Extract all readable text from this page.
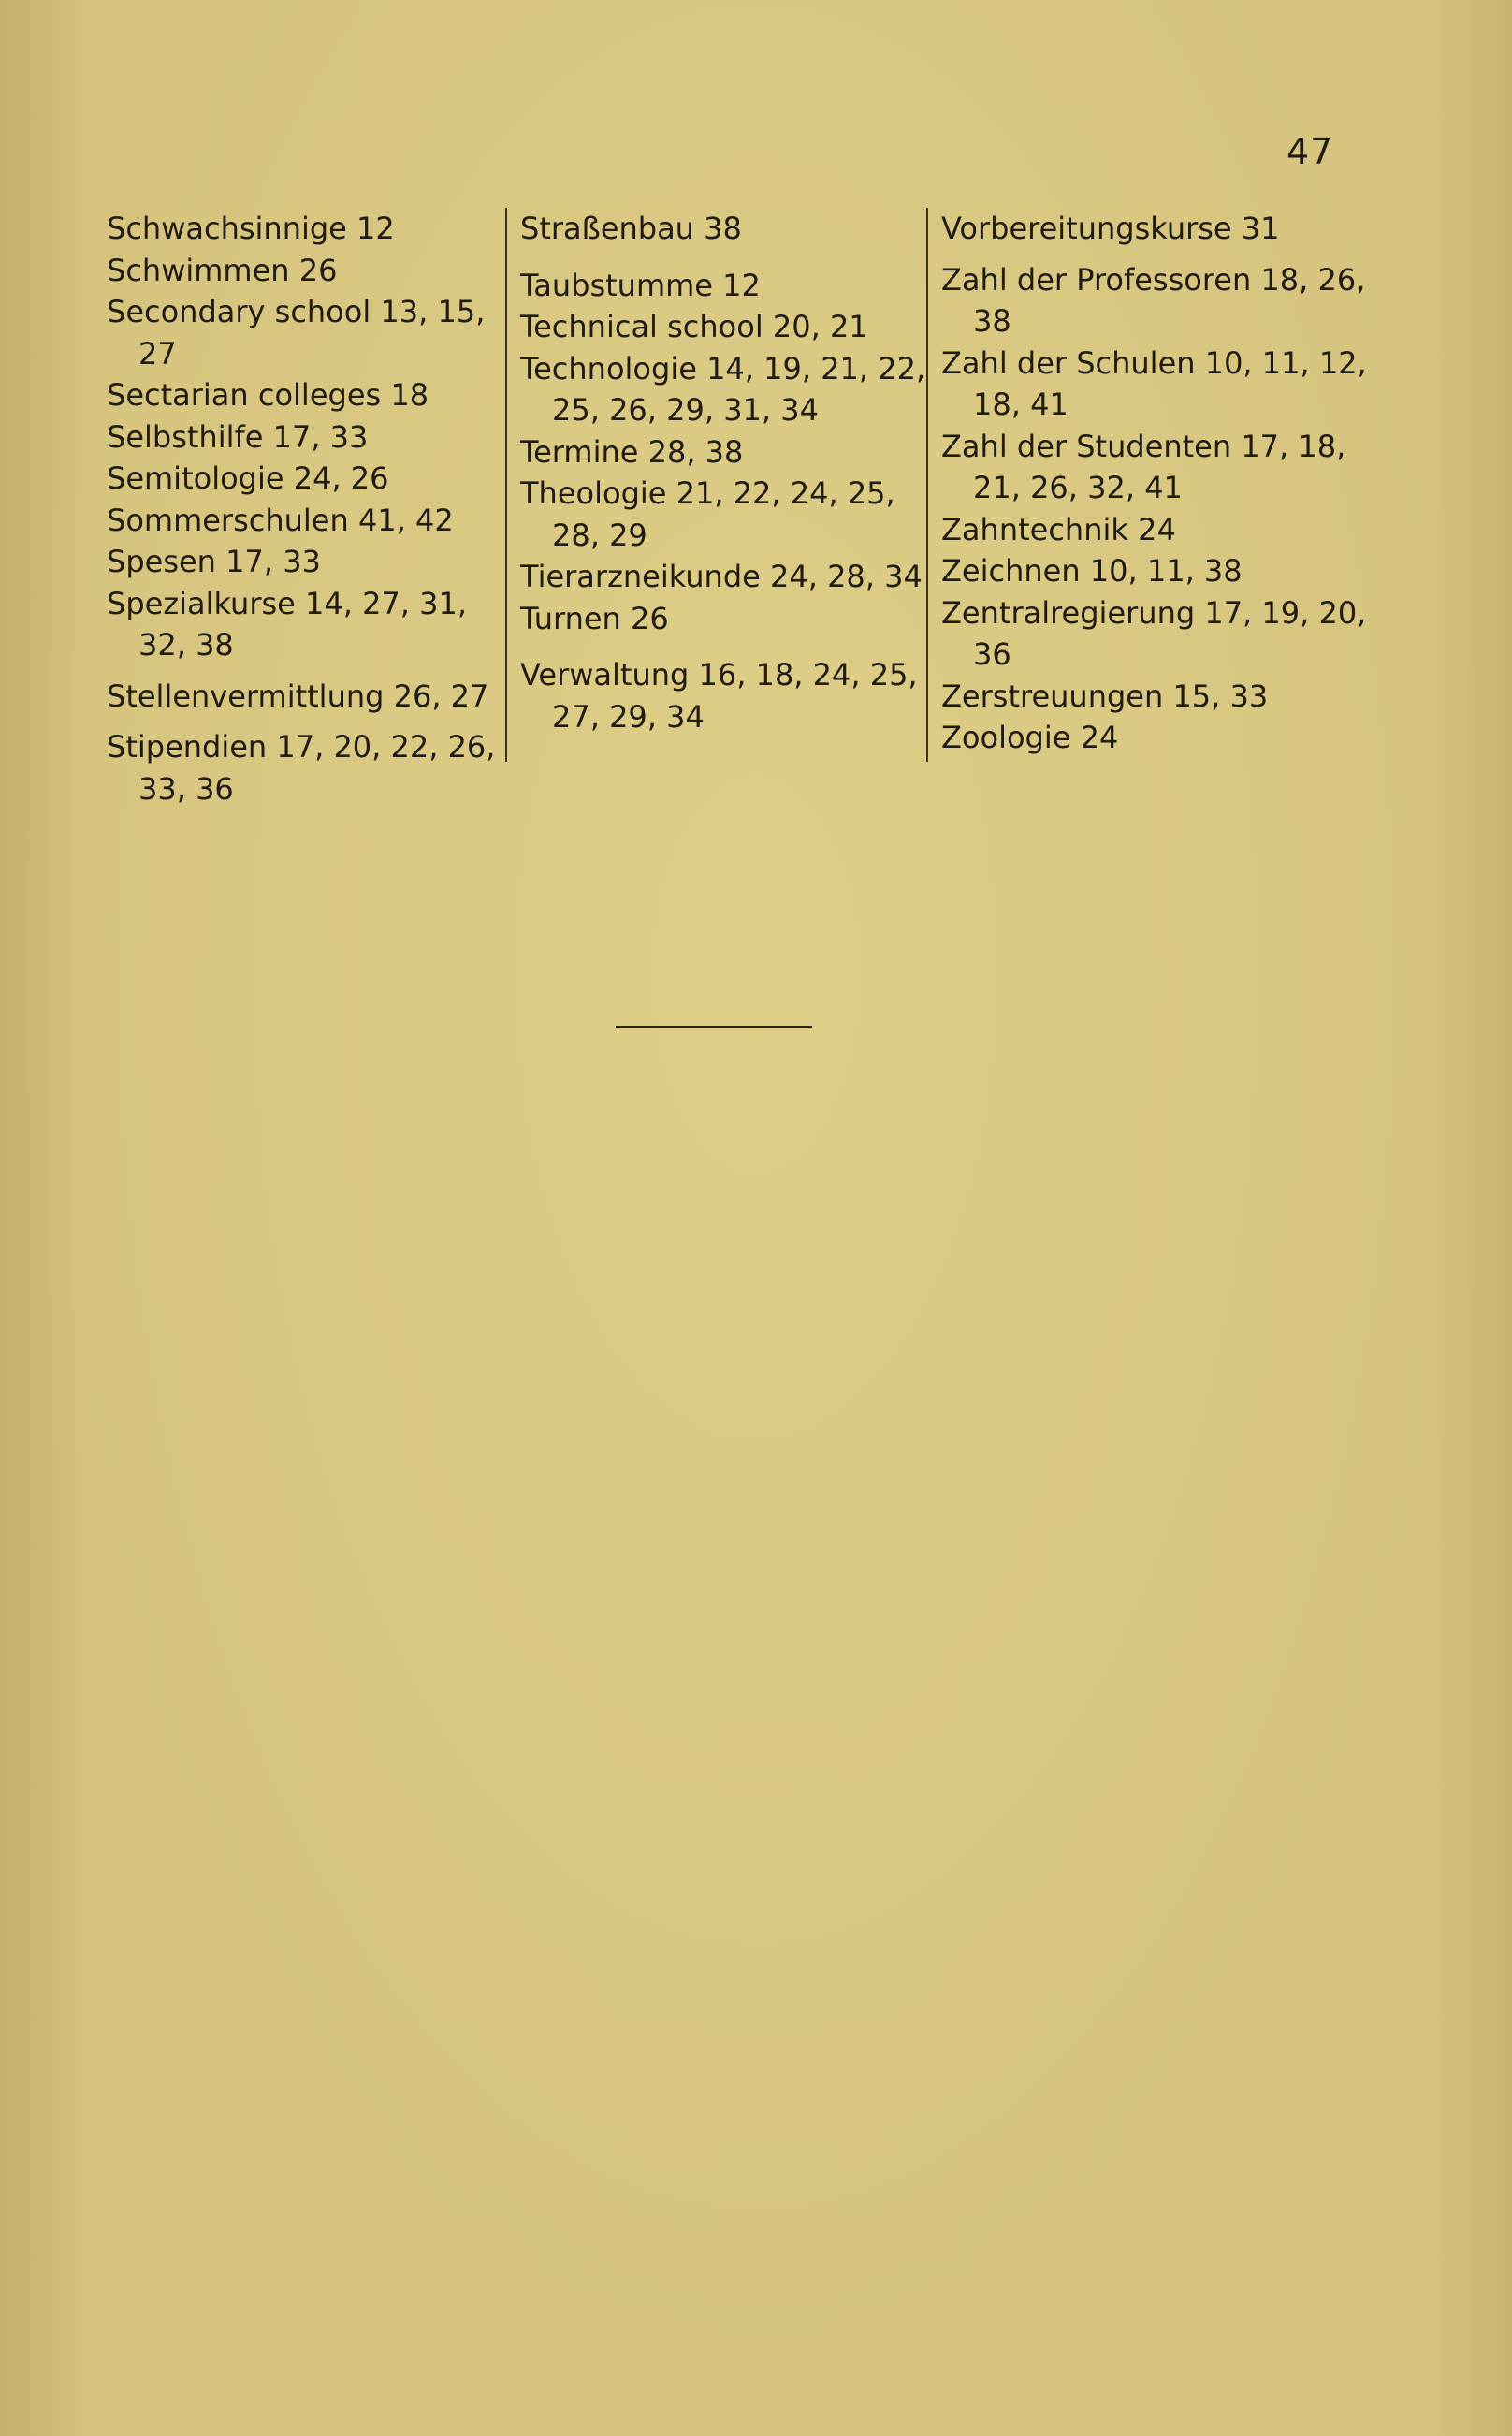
47

Schwachsinnige 12

Schwimmen 26

Secondary school 13, 15, 27

Sectarian colleges 18

Selbsthilfe 17, 33

Semitologie 24, 26

Sommerschulen 41, 42

Spesen 17, 33

Spezialkurse 14, 27, 31, 32, 38

Stellenvermittlung 26, 27

Stipendien 17, 20, 22, 26, 33, 36

Straßenbau 38

Taubstumme 12

Technical school 20, 21

Technologie 14, 19, 21, 22, 25, 26, 29, 31, 34

Termine 28, 38

Theologie 21, 22, 24, 25, 28, 29

Tierarzneikunde 24, 28, 34

Turnen 26

Verwaltung 16, 18, 24, 25, 27, 29, 34

Vorbereitungskurse 31

Zahl der Professoren 18, 26, 38

Zahl der Schulen 10, 11, 12, 18, 41

Zahl der Studenten 17, 18, 21, 26, 32, 41

Zahntechnik 24

Zeichnen 10, 11, 38

Zentralregierung 17, 19, 20, 36

Zerstreuungen 15, 33

Zoologie 24
